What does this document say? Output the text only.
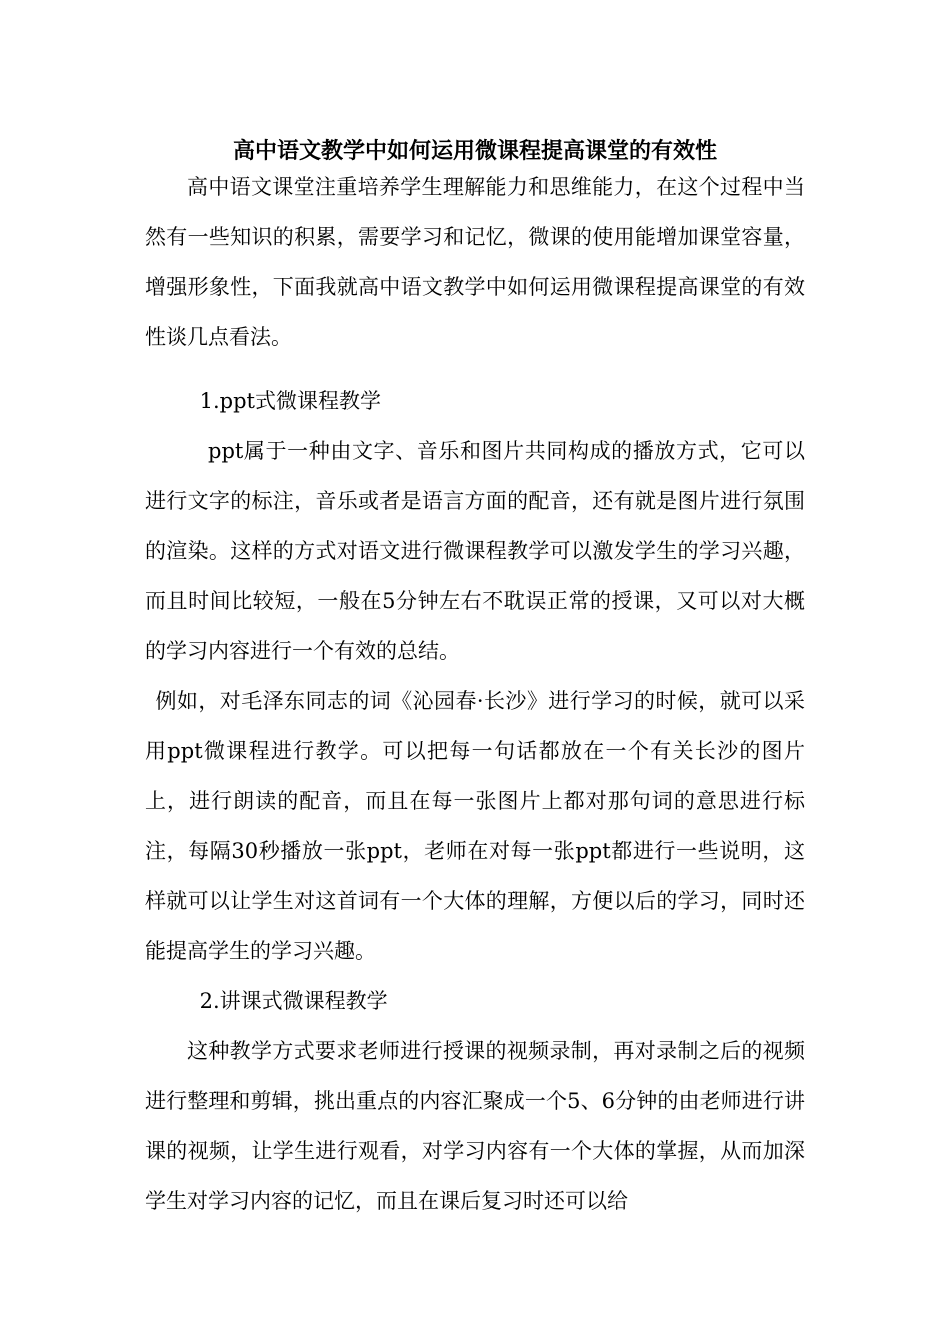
高中语文教学中如何运用微课程提高课堂的有效性

高中语文课堂注重培养学生理解能力和思维能力，在这个过程中当然有一些知识的积累，需要学习和记忆，微课的使用能增加课堂容量，增强形象性，下面我就高中语文教学中如何运用微课程提高课堂的有效性谈几点看法。

1.ppt式微课程教学

ppt属于一种由文字、音乐和图片共同构成的播放方式，它可以进行文字的标注，音乐或者是语言方面的配音，还有就是图片进行氛围的渲染。这样的方式对语文进行微课程教学可以激发学生的学习兴趣，而且时间比较短，一般在5分钟左右不耽误正常的授课，又可以对大概的学习内容进行一个有效的总结。

例如，对毛泽东同志的词《沁园春·长沙》进行学习的时候，就可以采用ppt微课程进行教学。可以把每一句话都放在一个有关长沙的图片上，进行朗读的配音，而且在每一张图片上都对那句词的意思进行标注，每隔30秒播放一张ppt，老师在对每一张ppt都进行一些说明，这样就可以让学生对这首词有一个大体的理解，方便以后的学习，同时还能提高学生的学习兴趣。

2.讲课式微课程教学

这种教学方式要求老师进行授课的视频录制，再对录制之后的视频进行整理和剪辑，挑出重点的内容汇聚成一个5、6分钟的由老师进行讲课的视频，让学生进行观看，对学习内容有一个大体的掌握，从而加深学生对学习内容的记忆，而且在课后复习时还可以给
